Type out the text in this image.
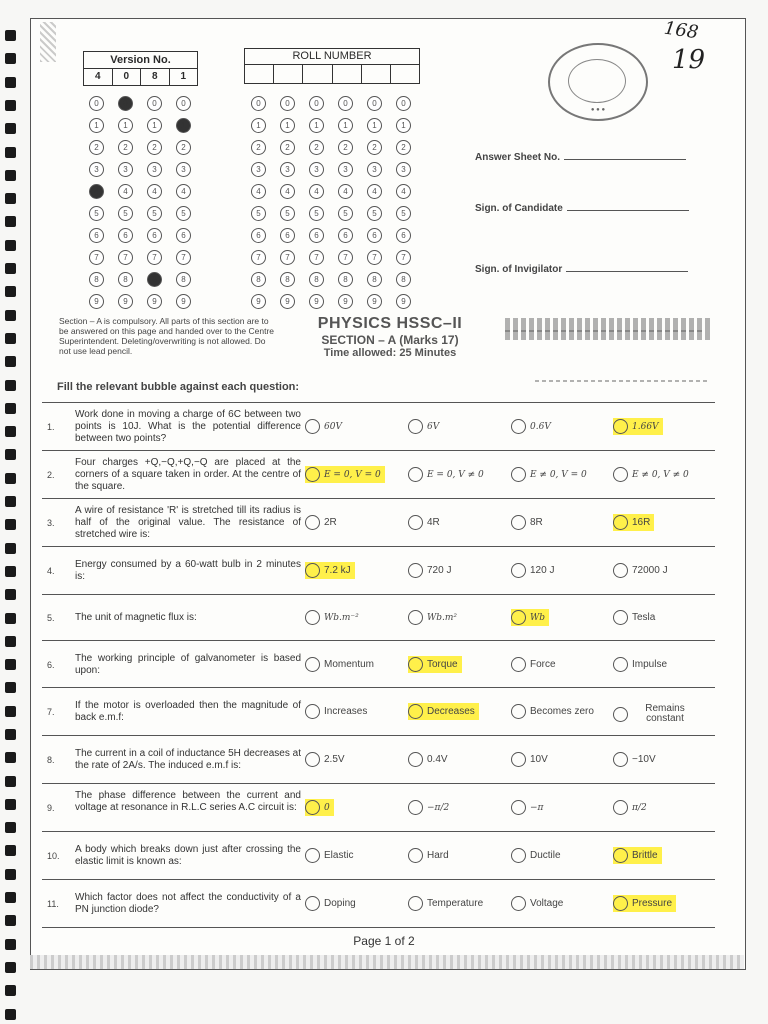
168
19
Version No.
4	0	8	1
ROLL NUMBER
0	0	0	0
1	1	1	1
2	2	2	2
3	3	3	3
4	4	4	4
5	5	5	5
6	6	6	6
7	7	7	7
8	8	8	8
9	9	9	9
0	0	0	0	0	0
1	1	1	1	1	1
2	2	2	2	2	2
3	3	3	3	3	3
4	4	4	4	4	4
5	5	5	5	5	5
6	6	6	6	6	6
7	7	7	7	7	7
8	8	8	8	8	8
9	9	9	9	9	9
● ● ●
Answer Sheet No.
Sign. of Candidate
Sign. of Invigilator
Section – A is compulsory. All parts of this section are to be answered on this page and handed over to the Centre Superintendent. Deleting/overwriting is not allowed. Do not use lead pencil.
PHYSICS HSSC–II
SECTION – A (Marks 17)
Time allowed: 25 Minutes
Fill the relevant bubble against each question:
1.
Work done in moving a charge of 6C between two points is 10J. What is the potential difference between two points?
60V	6V	0.6V	1.66V
2.
Four charges +Q,−Q,+Q,−Q are placed at the corners of a square taken in order. At the centre of the square.
E = 0, V = 0	E = 0, V ≠ 0	E ≠ 0, V = 0	E ≠ 0, V ≠ 0
3.
A wire of resistance 'R' is stretched till its radius is half of the original value. The resistance of stretched wire is:
2R	4R	8R	16R
4.
Energy consumed by a 60-watt bulb in 2 minutes is:
7.2 kJ	720 J	120 J	72000 J
5. The unit of magnetic flux is:	Wb.m⁻²	Wb.m²	Wb	Tesla
6.
The working principle of galvanometer is based upon:
Momentum	Torque	Force	Impulse
7.
If the motor is overloaded then the magnitude of back e.m.f:
Increases	Decreases	Becomes zero	Remains constant
8.
The current in a coil of inductance 5H decreases at the rate of 2A/s. The induced e.m.f is:
2.5V	0.4V	10V	−10V
9.
The phase difference between the current and voltage at resonance in R.L.C series A.C circuit is:	0	−π/2	−π	π/2
10.
A body which breaks down just after crossing the elastic limit is known as:
Elastic	Hard	Ductile	Brittle
11.
Which factor does not affect the conductivity of a PN junction diode?
Doping	Temperature	Voltage	Pressure
Page 1 of 2
